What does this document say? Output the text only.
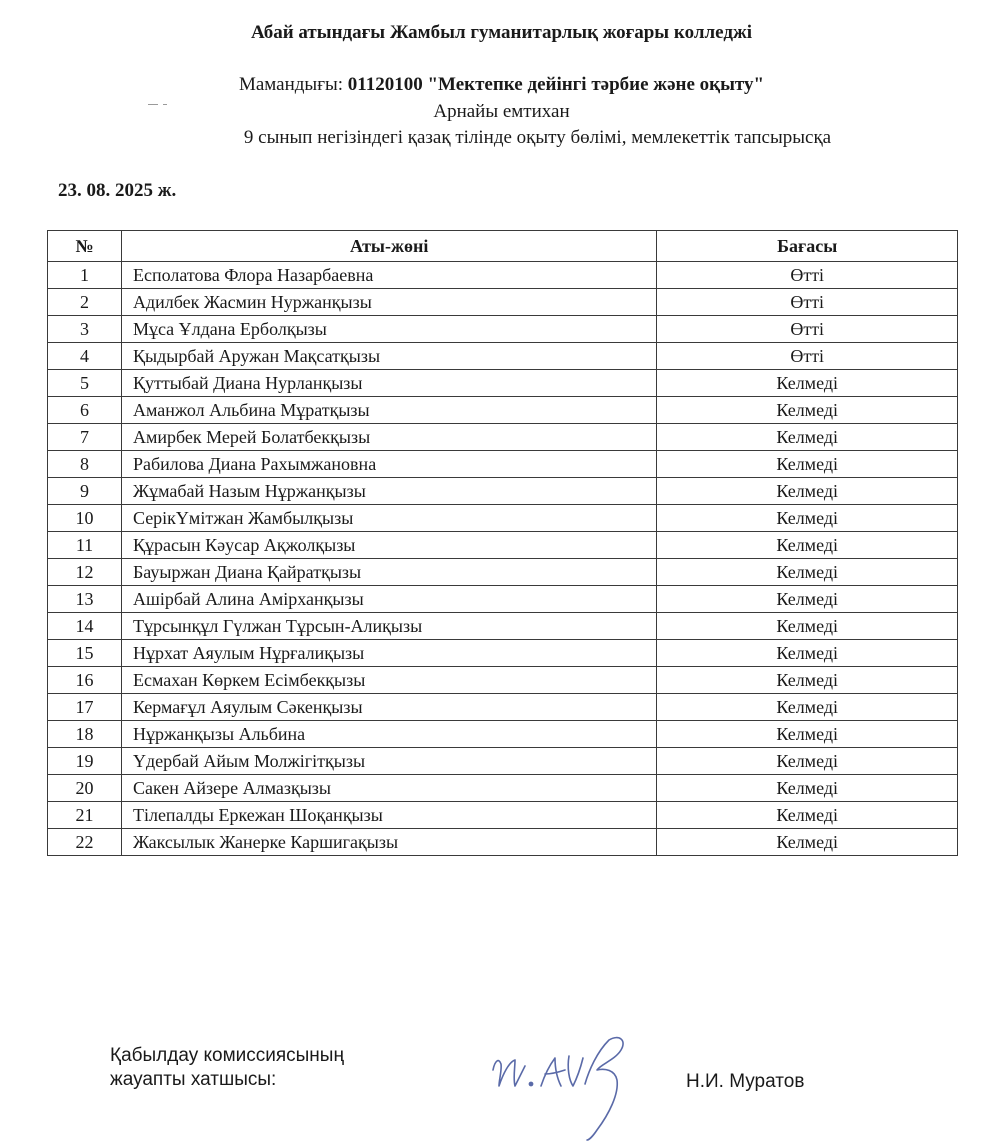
Абай атындағы Жамбыл гуманитарлық жоғары колледжі
Мамандығы: 01120100 "Мектепке дейінгі тәрбие және оқыту"
Арнайы емтихан
9 сынып негізіндегі қазақ тілінде оқыту бөлімі, мемлекеттік тапсырысқа
23. 08. 2025 ж.
№	Аты-жөні	Бағасы
1	Есполатова Флора Назарбаевна	Өтті
2	Адилбек Жасмин Нуржанқызы	Өтті
3	Мұса Ұлдана Ерболқызы	Өтті
4	Қыдырбай Аружан Мақсатқызы	Өтті
5	Қуттыбай Диана Нурланқызы	Келмеді
6	Аманжол Альбина Мұратқызы	Келмеді
7	Амирбек Мерей Болатбекқызы	Келмеді
8	Рабилова Диана Рахымжановна	Келмеді
9	Жұмабай Назым Нұржанқызы	Келмеді
10	СерікҮмітжан Жамбылқызы	Келмеді
11	Құрасын Кәусар Ақжолқызы	Келмеді
12	Бауыржан Диана Қайратқызы	Келмеді
13	Ашірбай Алина Амірханқызы	Келмеді
14	Тұрсынқұл Гүлжан Тұрсын-Алиқызы	Келмеді
15	Нұрхат Аяулым Нұрғалиқызы	Келмеді
16	Есмахан Көркем Есімбекқызы	Келмеді
17	Кермағұл Аяулым Сәкенқызы	Келмеді
18	Нұржанқызы Альбина	Келмеді
19	Үдербай Айым Молжігітқызы	Келмеді
20	Сакен Айзере Алмазқызы	Келмеді
21	Тілепалды Еркежан Шоқанқызы	Келмеді
22	Жаксылык Жанерке Каршигақызы	Келмеді
Қабылдау комиссиясының
жауапты хатшысы:	Н.И. Муратов
